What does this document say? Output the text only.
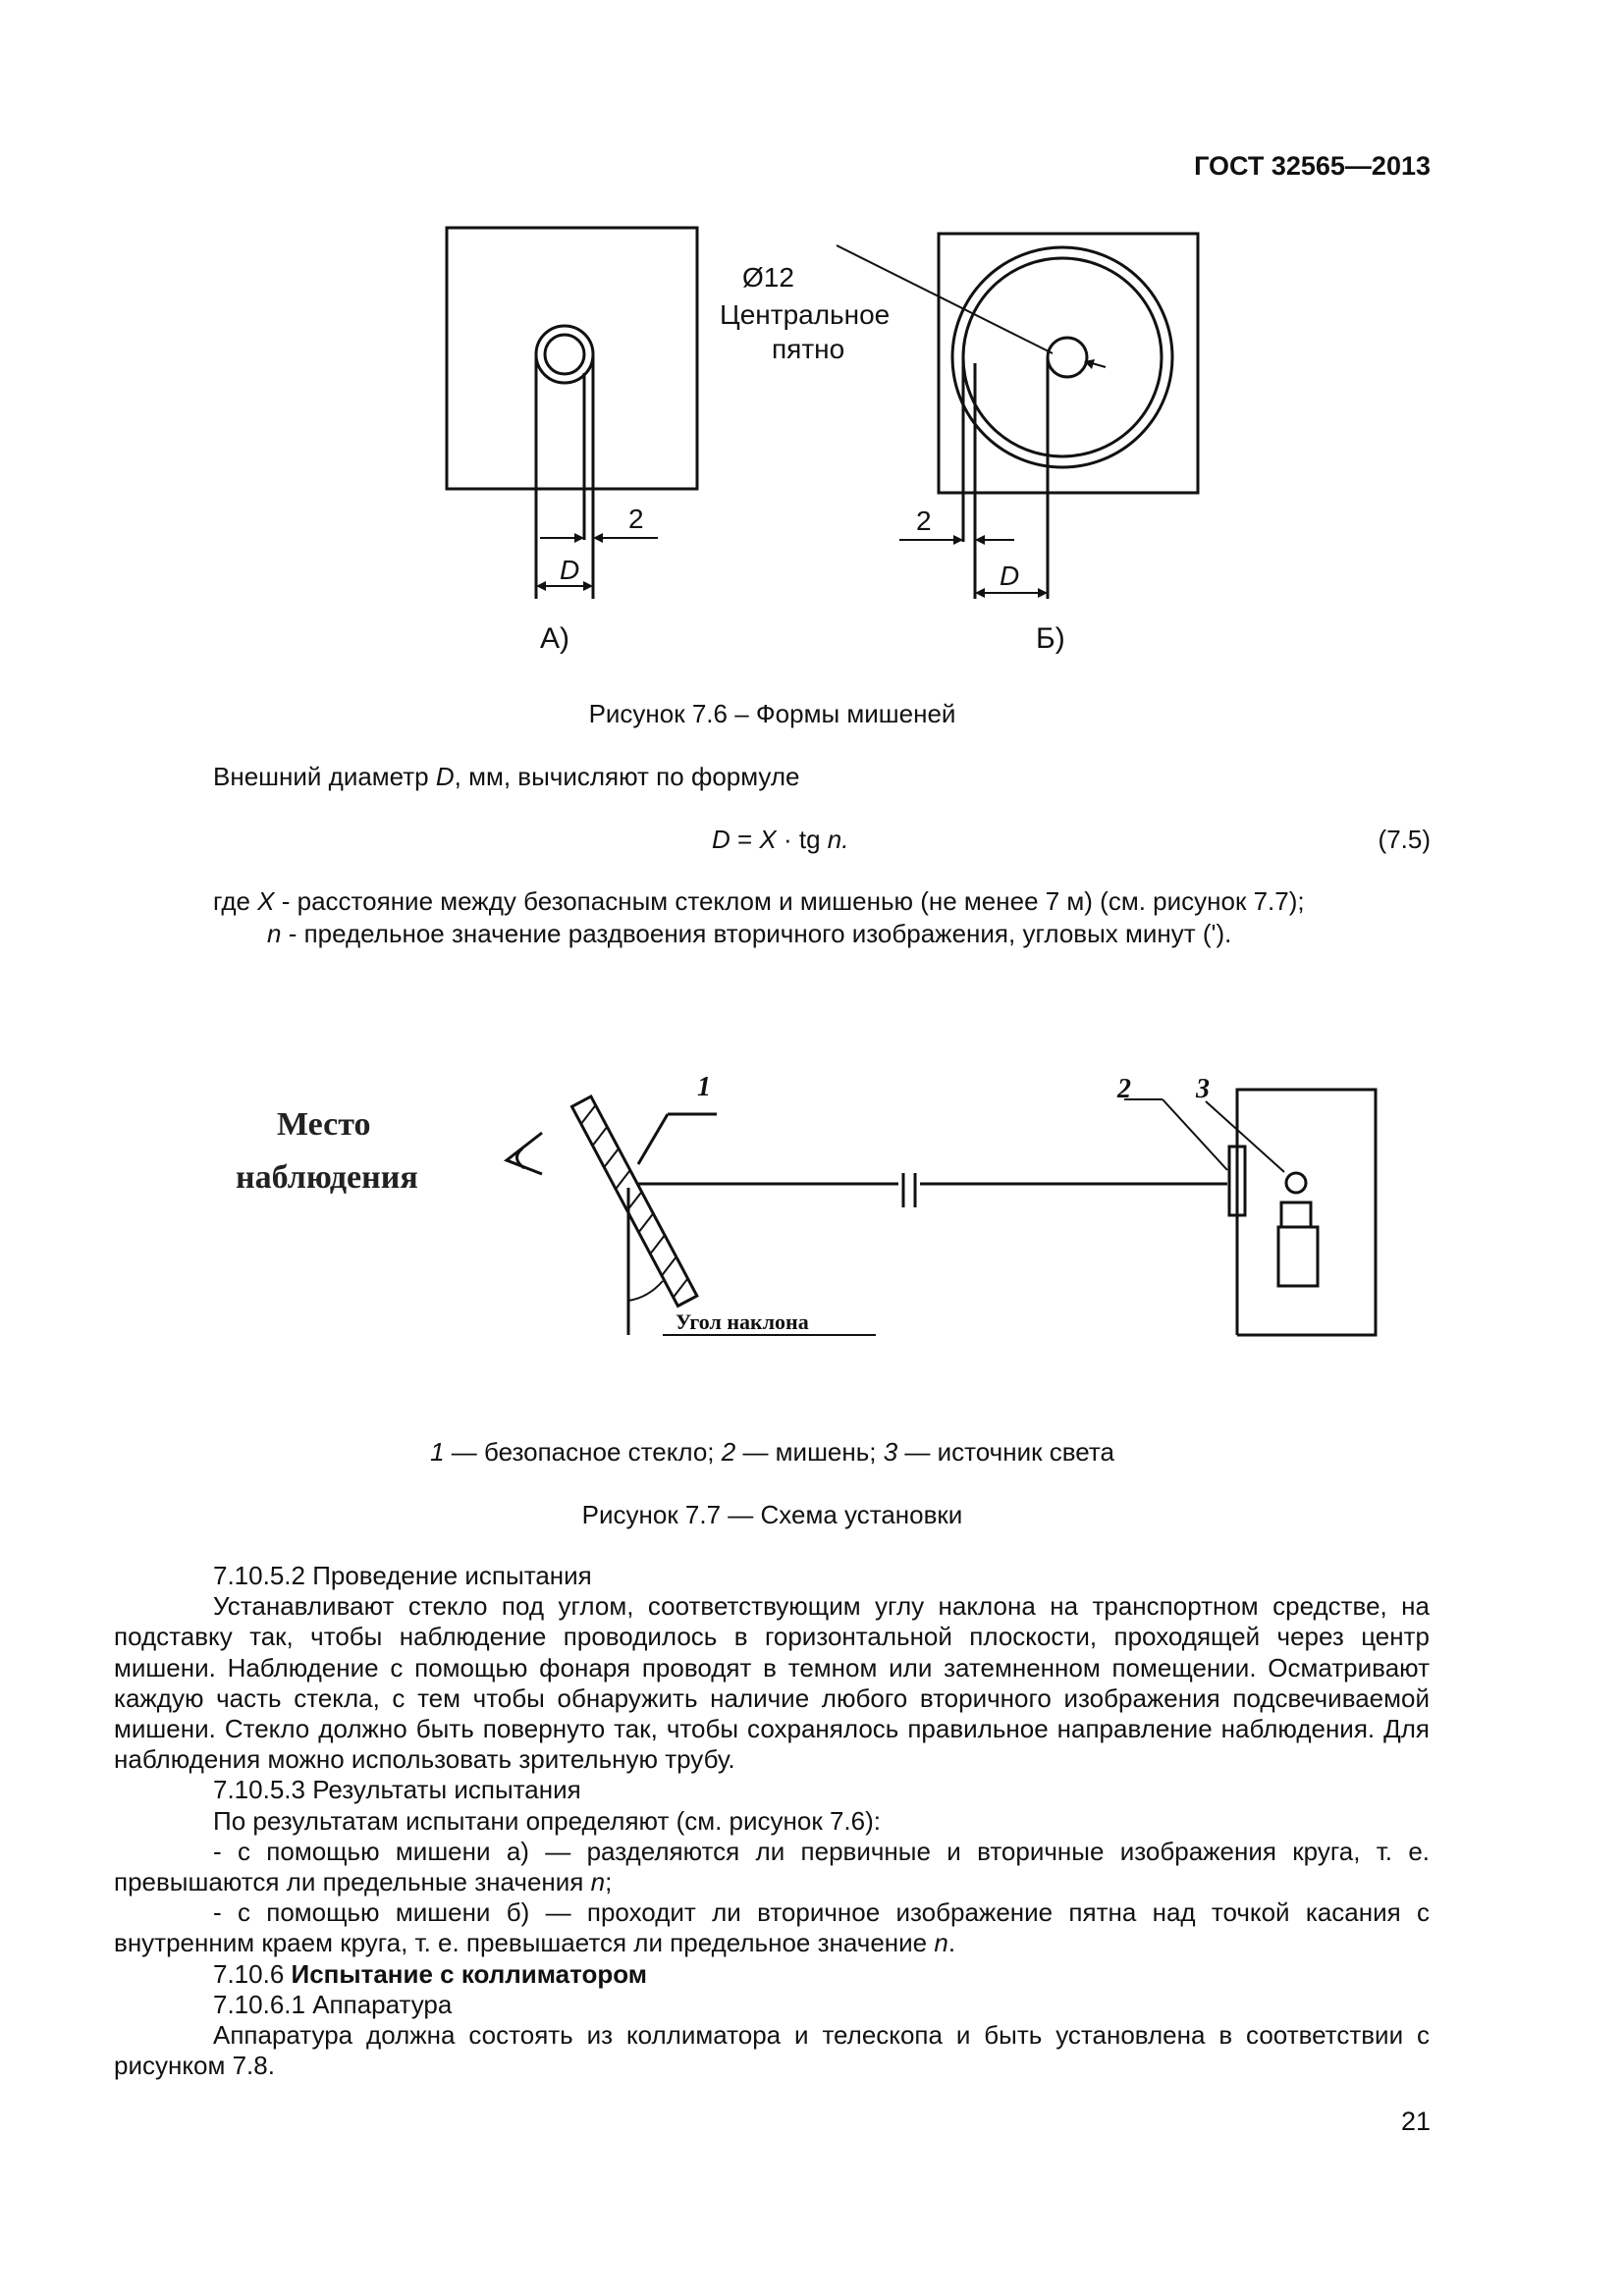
ГОСТ 32565—2013
2
D
2
D
Ø12
Центральное
пятно
А)	Б)
Рисунок 7.6 – Формы мишеней
Внешний диаметр D, мм, вычисляют по формуле
D = X · tg n.	(7.5)
где X - расстояние между безопасным стеклом и мишенью (не менее 7 м) (см. рисунок 7.7);
n - предельное значение раздвоения вторичного изображения, угловых минут (').
Место
наблюдения
1	2 3
Угол наклона
1 — безопасное стекло; 2 — мишень; 3 — источник света
Рисунок 7.7 — Схема установки

7.10.5.2 Проведение испытания

Устанавливают стекло под углом, соответствующим углу наклона на транспортном средстве, на подставку так, чтобы наблюдение проводилось в горизонтальной плоскости, проходящей через центр мишени. Наблюдение с помощью фонаря проводят в темном или затемненном помещении. Осматривают каждую часть стекла, с тем чтобы обнаружить наличие любого вторичного изображения подсвечиваемой мишени. Стекло должно быть повернуто так, чтобы сохранялось правильное направление наблюдения. Для наблюдения можно использовать зрительную трубу.

7.10.5.3 Результаты испытания

По результатам испытани определяют (см. рисунок 7.6):

- с помощью мишени а) — разделяются ли первичные и вторичные изображения круга, т. е. превышаются ли предельные значения n;

- с помощью мишени б) — проходит ли вторичное изображение пятна над точкой касания с внутренним краем круга, т. е. превышается ли предельное значение n.

7.10.6 Испытание с коллиматором

7.10.6.1 Аппаратура

Аппаратура должна состоять из коллиматора и телескопа и быть установлена в соответствии с рисунком 7.8.

21
